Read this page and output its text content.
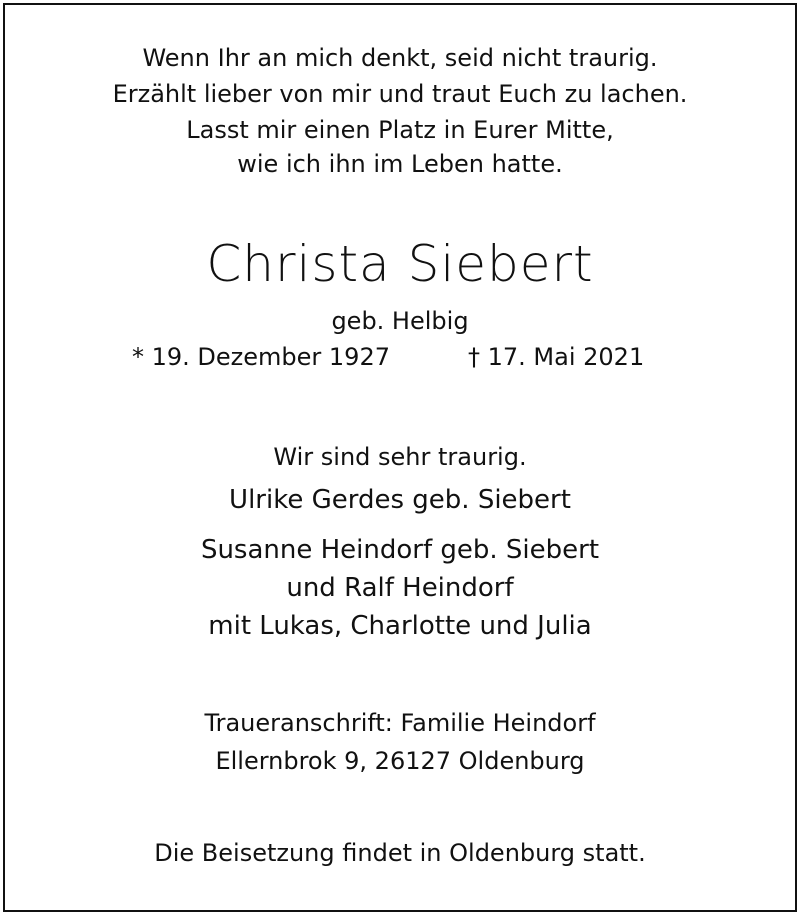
Wenn Ihr an mich denkt, seid nicht traurig.
Erzählt lieber von mir und traut Euch zu lachen.
Lasst mir einen Platz in Eurer Mitte,
wie ich ihn im Leben hatte.
Christa Siebert
geb. Helbig
* 19. Dezember 1927	† 17. Mai 2021
Wir sind sehr traurig.
Ulrike Gerdes geb. Siebert
Susanne Heindorf geb. Siebert
und Ralf Heindorf
mit Lukas, Charlotte und Julia
Traueranschrift: Familie Heindorf
Ellernbrok 9, 26127 Oldenburg
Die Beisetzung findet in Oldenburg statt.
